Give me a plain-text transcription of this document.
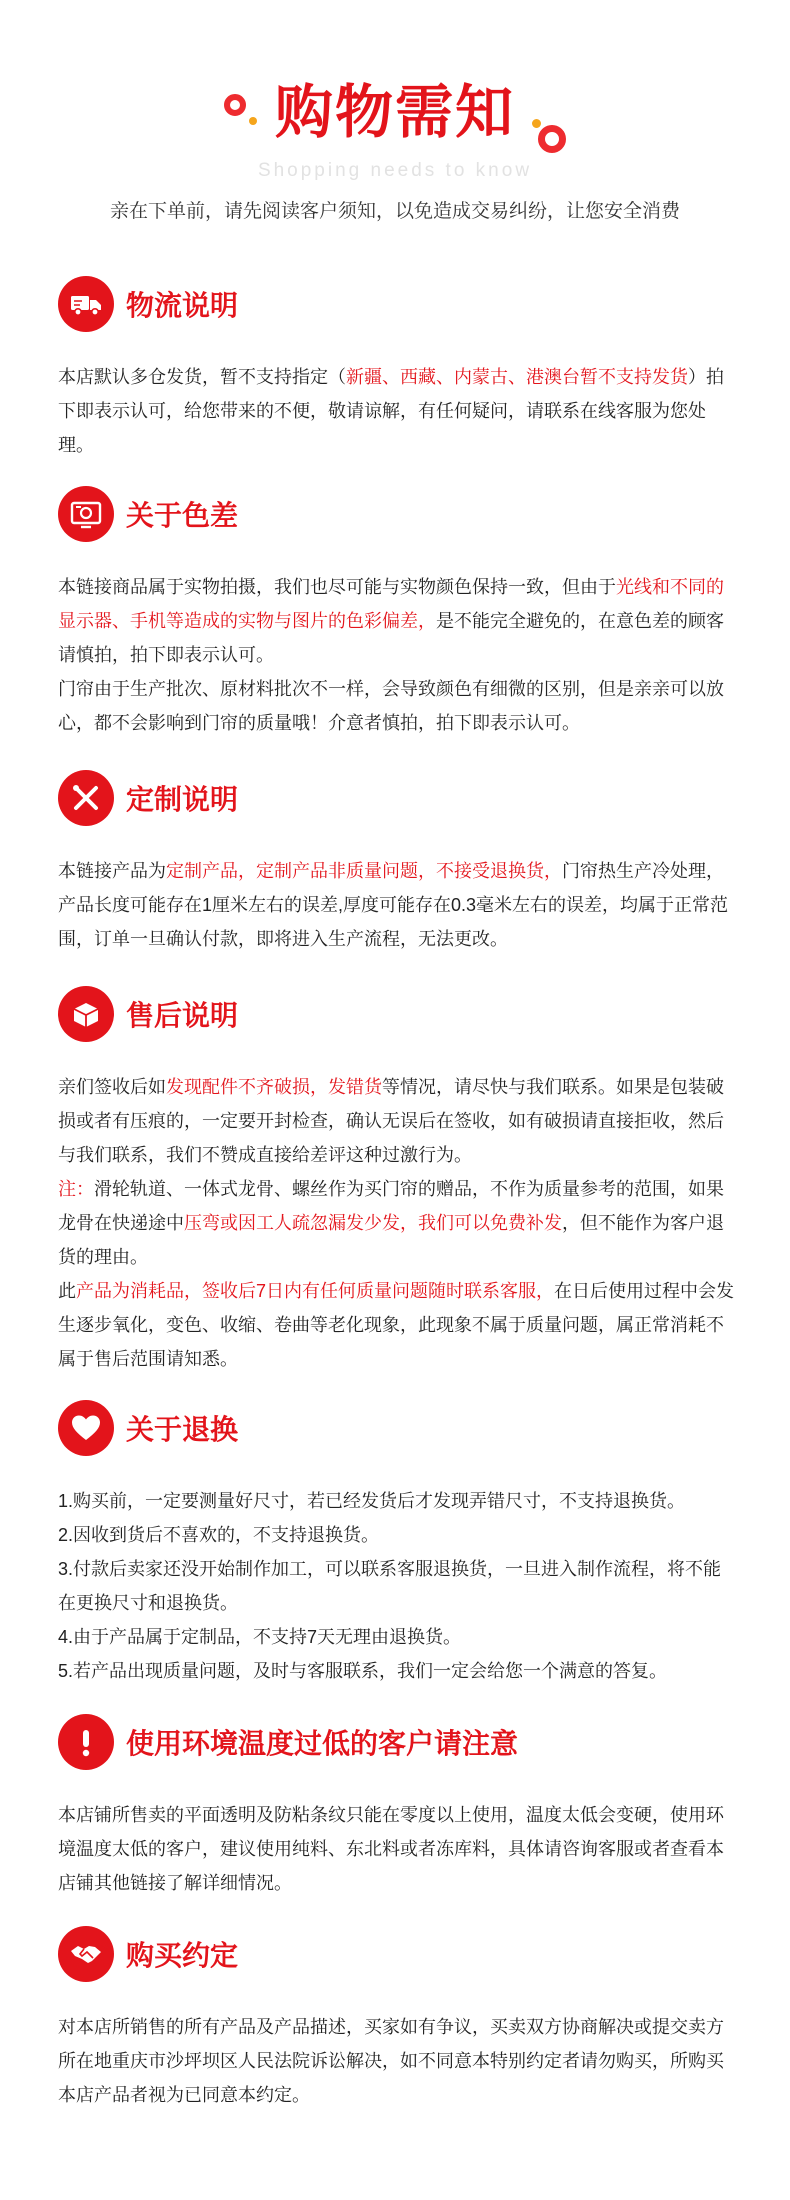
购物需知
Shopping needs to know
亲在下单前，请先阅读客户须知，以免造成交易纠纷，让您安全消费
物流说明

本店默认多仓发货，暂不支持指定（新疆、西藏、内蒙古、港澳台暂不支持发货）拍下即表示认可，给您带来的不便，敬请谅解，有任何疑问，请联系在线客服为您处理。

关于色差

本链接商品属于实物拍摄，我们也尽可能与实物颜色保持一致，但由于光线和不同的显示器、手机等造成的实物与图片的色彩偏差，是不能完全避免的，在意色差的顾客请慎拍，拍下即表示认可。

门帘由于生产批次、原材料批次不一样，会导致颜色有细微的区别，但是亲亲可以放心，都不会影响到门帘的质量哦！介意者慎拍，拍下即表示认可。

定制说明

本链接产品为定制产品，定制产品非质量问题，不接受退换货，门帘热生产冷处理，产品长度可能存在1厘米左右的误差,厚度可能存在0.3毫米左右的误差，均属于正常范围，订单一旦确认付款，即将进入生产流程，无法更改。

售后说明

亲们签收后如发现配件不齐破损，发错货等情况，请尽快与我们联系。如果是包装破损或者有压痕的，一定要开封检查，确认无误后在签收，如有破损请直接拒收，然后与我们联系，我们不赞成直接给差评这种过激行为。

注：滑轮轨道、一体式龙骨、螺丝作为买门帘的赠品，不作为质量参考的范围，如果龙骨在快递途中压弯或因工人疏忽漏发少发，我们可以免费补发，但不能作为客户退货的理由。

此产品为消耗品，签收后7日内有任何质量问题随时联系客服，在日后使用过程中会发生逐步氧化，变色、收缩、卷曲等老化现象，此现象不属于质量问题，属正常消耗不属于售后范围请知悉。

关于退换

1.购买前，一定要测量好尺寸，若已经发货后才发现弄错尺寸，不支持退换货。

2.因收到货后不喜欢的，不支持退换货。

3.付款后卖家还没开始制作加工，可以联系客服退换货，一旦进入制作流程，将不能在更换尺寸和退换货。

4.由于产品属于定制品，不支持7天无理由退换货。

5.若产品出现质量问题，及时与客服联系，我们一定会给您一个满意的答复。

使用环境温度过低的客户请注意

本店铺所售卖的平面透明及防粘条纹只能在零度以上使用，温度太低会变硬，使用环境温度太低的客户，建议使用纯料、东北料或者冻库料，具体请咨询客服或者查看本店铺其他链接了解详细情况。

购买约定

对本店所销售的所有产品及产品描述，买家如有争议，买卖双方协商解决或提交卖方所在地重庆市沙坪坝区人民法院诉讼解决，如不同意本特别约定者请勿购买，所购买本店产品者视为已同意本约定。
